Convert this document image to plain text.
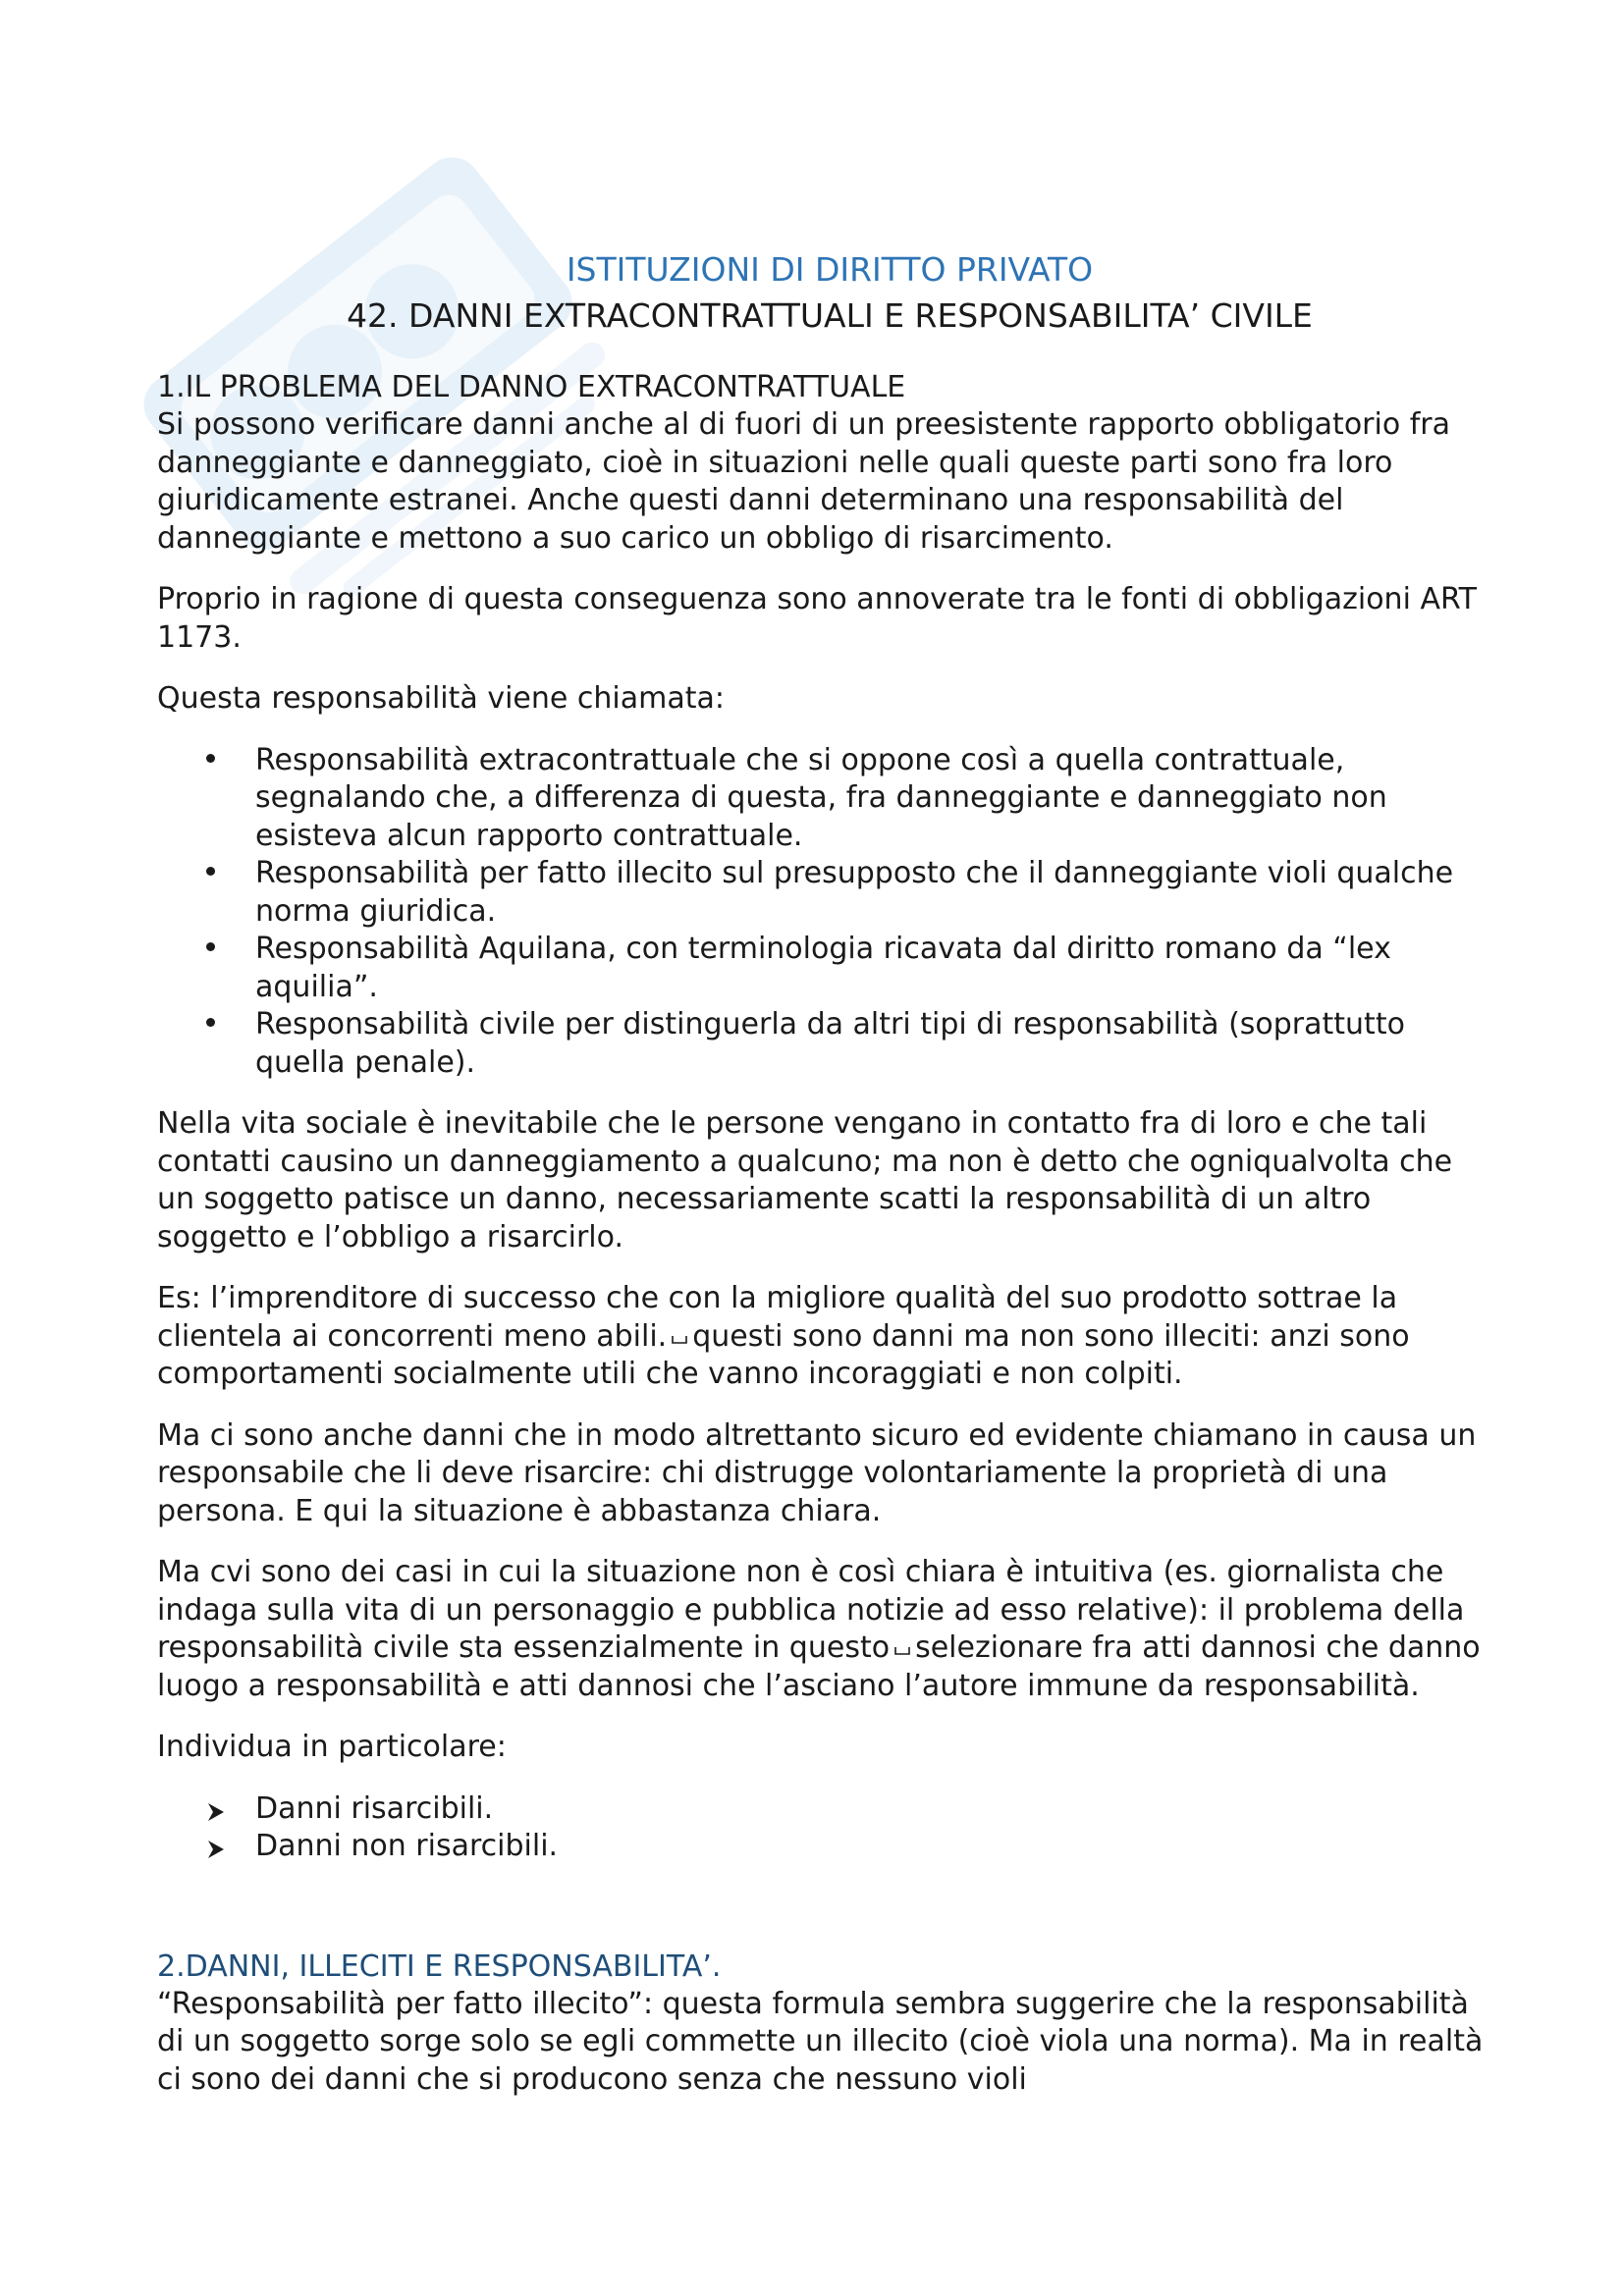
ISTITUZIONI DI DIRITTO PRIVATO
42. DANNI EXTRACONTRATTUALI E RESPONSABILITA’ CIVILE
1.IL PROBLEMA DEL DANNO EXTRACONTRATTUALE

Si possono verificare danni anche al di fuori di un preesistente rapporto obbligatorio fra danneggiante e danneggiato, cioè in situazioni nelle quali queste parti sono fra loro giuridicamente estranei. Anche questi danni determinano una responsabilità del danneggiante e mettono a suo carico un obbligo di risarcimento.

Proprio in ragione di questa conseguenza sono annoverate tra le fonti di obbligazioni ART 1173.

Questa responsabilità viene chiamata:

Responsabilità extracontrattuale che si oppone così a quella contrattuale, segnalando che, a differenza di questa, fra danneggiante e danneggiato non esisteva alcun rapporto contrattuale.
Responsabilità per fatto illecito sul presupposto che il danneggiante violi qualche norma giuridica.
Responsabilità Aquilana, con terminologia ricavata dal diritto romano da “lex aquilia”.
Responsabilità civile per distinguerla da altri tipi di responsabilità (soprattutto quella penale).

Nella vita sociale è inevitabile che le persone vengano in contatto fra di loro e che tali contatti causino un danneggiamento a qualcuno; ma non è detto che ogniqualvolta che un soggetto patisce un danno, necessariamente scatti la responsabilità di un altro soggetto e l’obbligo a risarcirlo.

Es: l’imprenditore di successo che con la migliore qualità del suo prodotto sottrae la clientela ai concorrenti meno abili. questi sono danni ma non sono illeciti: anzi sono comportamenti socialmente utili che vanno incoraggiati e non colpiti.

Ma ci sono anche danni che in modo altrettanto sicuro ed evidente chiamano in causa un responsabile che li deve risarcire: chi distrugge volontariamente la proprietà di una persona. E qui la situazione è abbastanza chiara.

Ma cvi sono dei casi in cui la situazione non è così chiara è intuitiva (es. giornalista che indaga sulla vita di un personaggio e pubblica notizie ad esso relative): il problema della responsabilità civile sta essenzialmente in questo selezionare fra atti dannosi che danno luogo a responsabilità e atti dannosi che l’asciano l’autore immune da responsabilità.

Individua in particolare:

Danni risarcibili.
Danni non risarcibili.
2.DANNI, ILLECITI E RESPONSABILITA’.

“Responsabilità per fatto illecito”: questa formula sembra suggerire che la responsabilità di un soggetto sorge solo se egli commette un illecito (cioè viola una norma). Ma in realtà ci sono dei danni che si producono senza che nessuno violi
